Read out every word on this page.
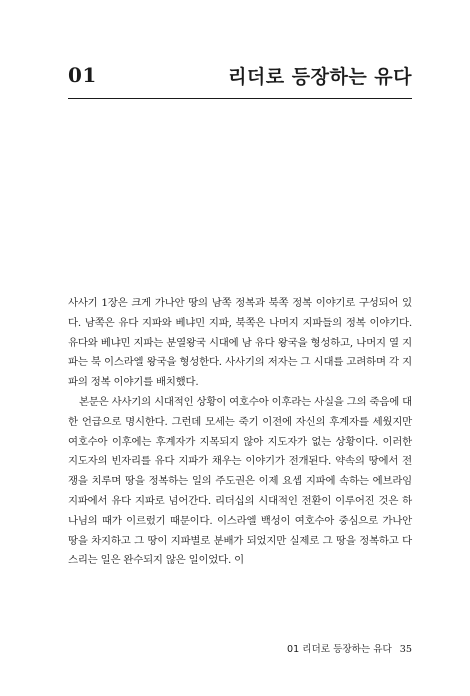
01	리더로 등장하는 유다

사사기 1장은 크게 가나안 땅의 남쪽 정복과 북쪽 정복 이야기로 구성되어 있다. 남쪽은 유다 지파와 베냐민 지파, 북쪽은 나머지 지파들의 정복 이야기다. 유다와 베냐민 지파는 분열왕국 시대에 남 유다 왕국을 형성하고, 나머지 열 지파는 북 이스라엘 왕국을 형성한다. 사사기의 저자는 그 시대를 고려하며 각 지파의 정복 이야기를 배치했다.

본문은 사사기의 시대적인 상황이 여호수아 이후라는 사실을 그의 죽음에 대한 언급으로 명시한다. 그런데 모세는 죽기 이전에 자신의 후계자를 세웠지만 여호수아 이후에는 후계자가 지목되지 않아 지도자가 없는 상황이다. 이러한 지도자의 빈자리를 유다 지파가 채우는 이야기가 전개된다. 약속의 땅에서 전쟁을 치루며 땅을 정복하는 일의 주도권은 이제 요셉 지파에 속하는 에브라임 지파에서 유다 지파로 넘어간다. 리더십의 시대적인 전환이 이루어진 것은 하나님의 때가 이르렀기 때문이다. 이스라엘 백성이 여호수아 중심으로 가나안 땅을 차지하고 그 땅이 지파별로 분배가 되었지만 실제로 그 땅을 정복하고 다스리는 일은 완수되지 않은 일이었다. 이

01 리더로 등장하는 유다 35
